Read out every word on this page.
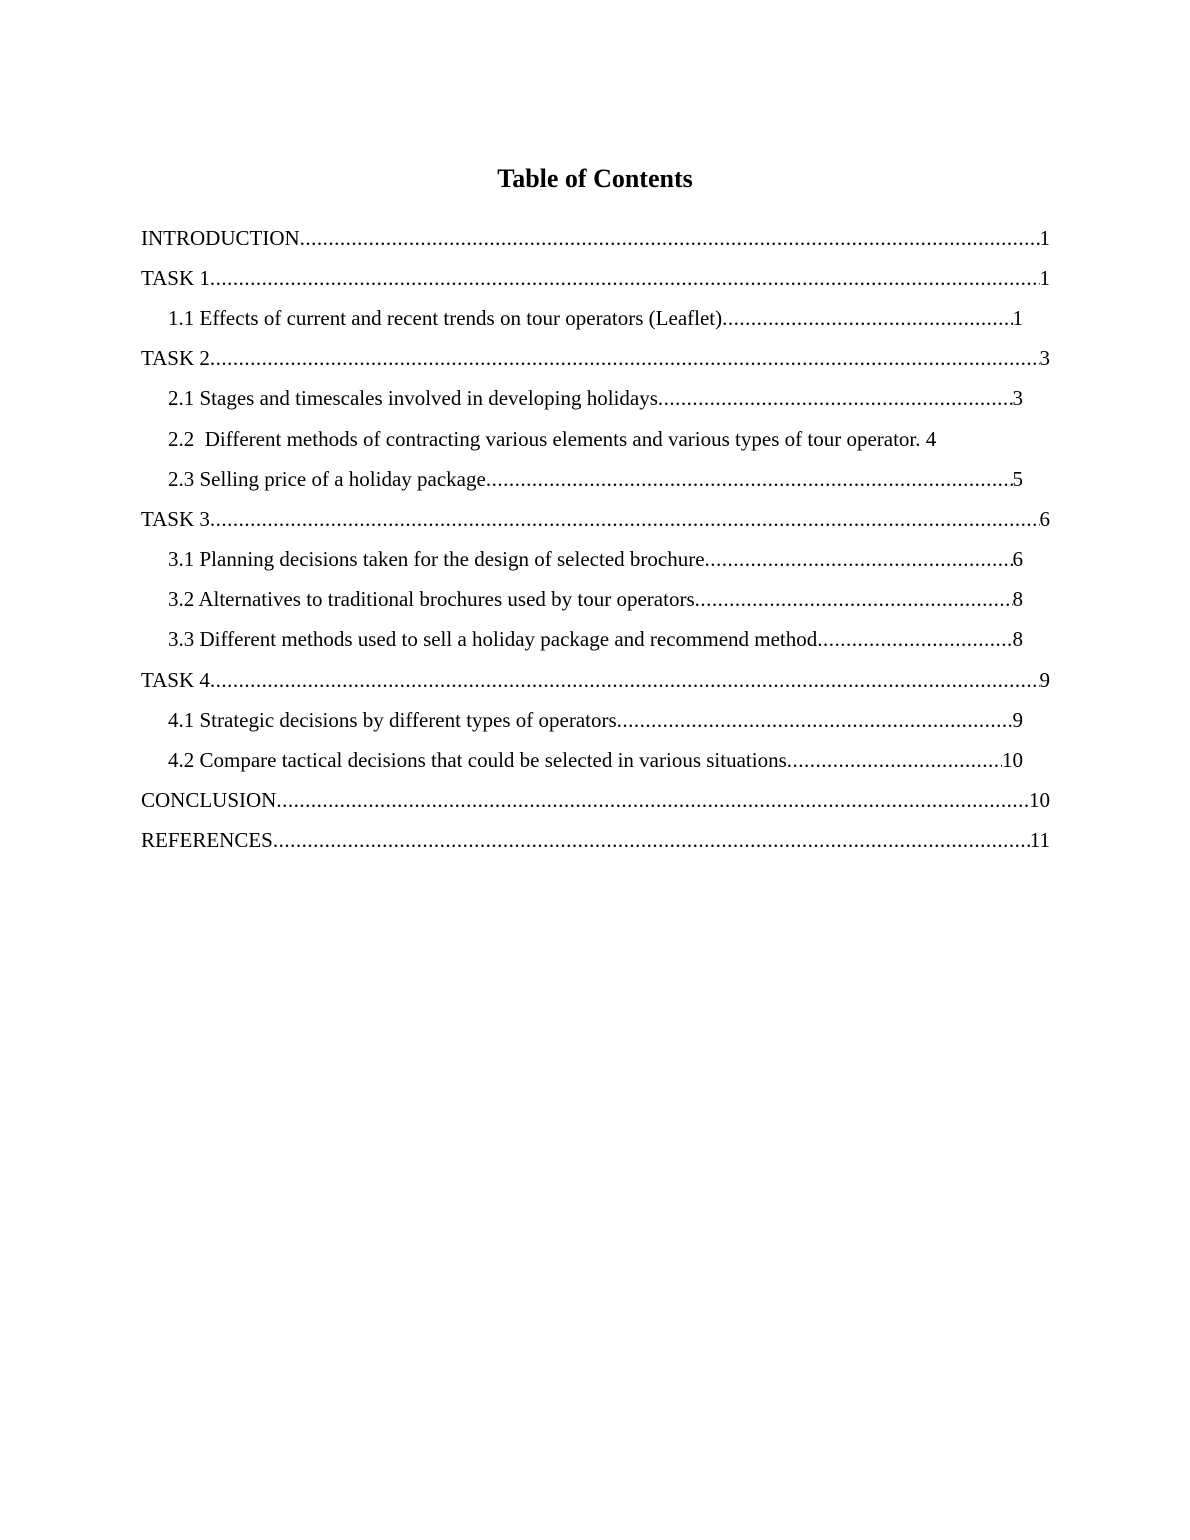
Table of Contents
INTRODUCTION .....	1
TASK 1 .....	1
1.1 Effects of current and recent trends on tour operators (Leaflet) .....	1
TASK 2 .....	3
2.1 Stages and timescales involved in developing holidays .....	3
2.2  Different methods of contracting various elements and various types of tour operator. 4
2.3 Selling price of a holiday package .....	5
TASK 3 .....	6
3.1 Planning decisions taken for the design of selected brochure .....	6
3.2 Alternatives to traditional brochures used by tour operators .....	8
3.3 Different methods used to sell a holiday package and recommend method .....	8
TASK 4 .....	9
4.1 Strategic decisions by different types of operators .....	9
4.2 Compare tactical decisions that could be selected in various situations .....	10
CONCLUSION .....	10
REFERENCES .....	11
